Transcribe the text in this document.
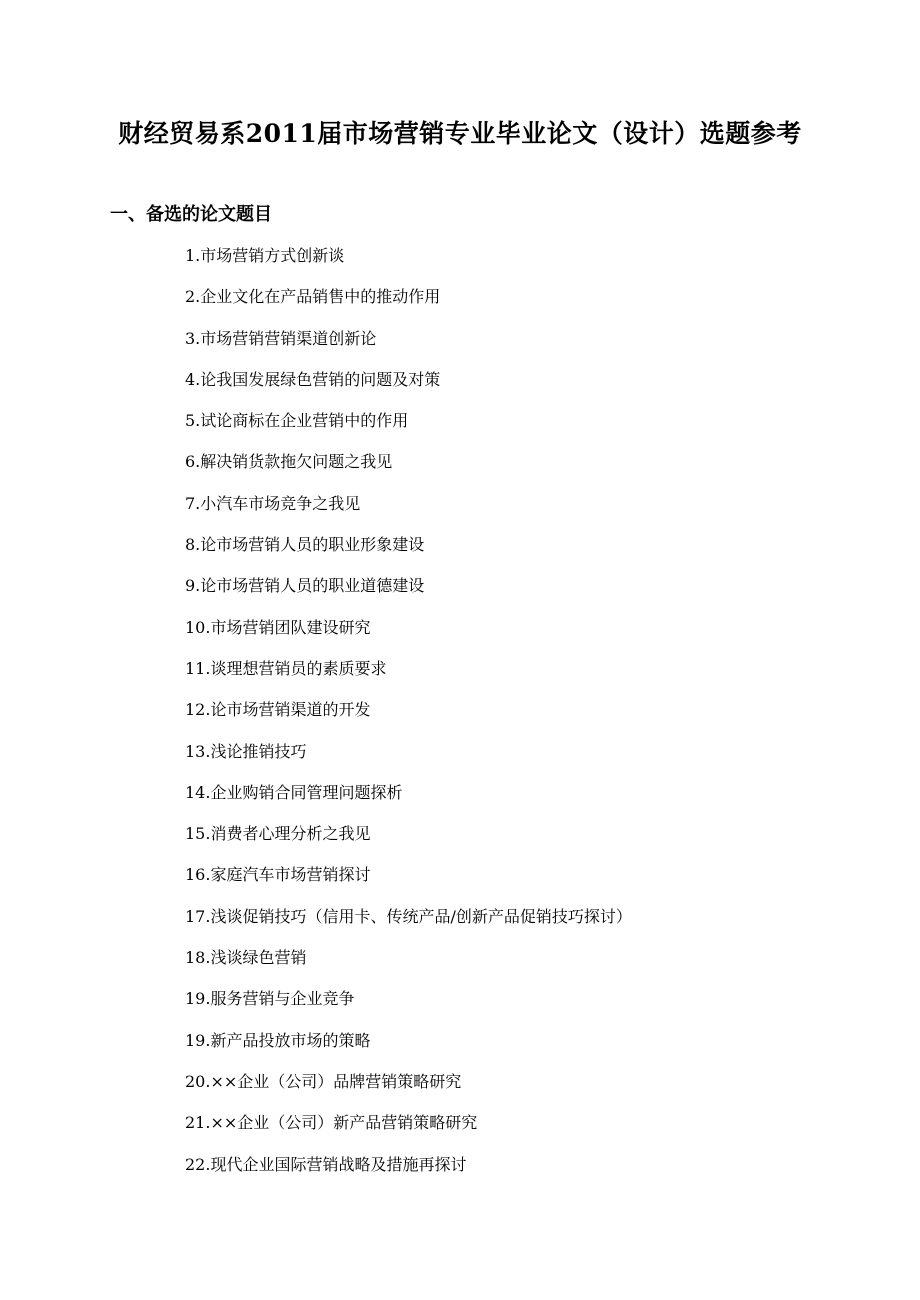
财经贸易系2011届市场营销专业毕业论文（设计）选题参考
一、备选的论文题目
1.市场营销方式创新谈
2.企业文化在产品销售中的推动作用
3.市场营销营销渠道创新论
4.论我国发展绿色营销的问题及对策
5.试论商标在企业营销中的作用
6.解决销货款拖欠问题之我见
7.小汽车市场竞争之我见
8.论市场营销人员的职业形象建设
9.论市场营销人员的职业道德建设
10.市场营销团队建设研究
11.谈理想营销员的素质要求
12.论市场营销渠道的开发
13.浅论推销技巧
14.企业购销合同管理问题探析
15.消费者心理分析之我见
16.家庭汽车市场营销探讨
17.浅谈促销技巧（信用卡、传统产品/创新产品促销技巧探讨）
18.浅谈绿色营销
19.服务营销与企业竞争
19.新产品投放市场的策略
20.××企业（公司）品牌营销策略研究
21.××企业（公司）新产品营销策略研究
22.现代企业国际营销战略及措施再探讨
